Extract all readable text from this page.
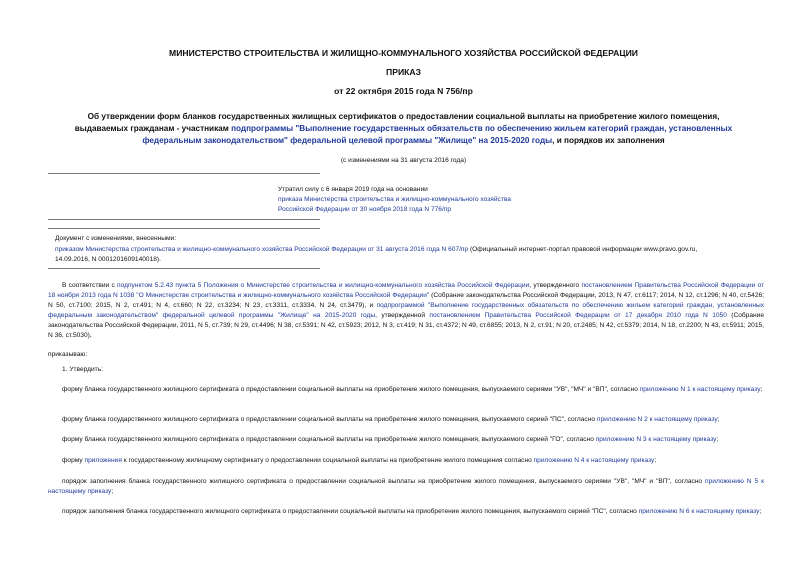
МИНИСТЕРСТВО СТРОИТЕЛЬСТВА И ЖИЛИЩНО-КОММУНАЛЬНОГО ХОЗЯЙСТВА РОССИЙСКОЙ ФЕДЕРАЦИИ
ПРИКАЗ
от 22 октября 2015 года N 756/пр
Об утверждении форм бланков государственных жилищных сертификатов о предоставлении социальной выплаты на приобретение жилого помещения,
выдаваемых гражданам - участникам подпрограммы "Выполнение государственных обязательств по обеспечению жильем категорий граждан, установленных
федеральным законодательством" федеральной целевой программы "Жилище" на 2015-2020 годы, и порядков их заполнения
(с изменениями на 31 августа 2016 года)
Утратил силу с 6 января 2019 года на основании
приказа Министерства строительства и жилищно-коммунального хозяйства
Российской Федерации от 30 ноября 2018 года N 776/пр
Документ с изменениями, внесенными:
приказом Министерства строительства и жилищно-коммунального хозяйства Российской Федерации от 31 августа 2016 года N 607/пр (Официальный интернет-портал правовой информации www.pravo.gov.ru,
14.09.2016, N 0001201609140018).

В соответствии с подпунктом 5.2.43 пункта 5 Положения о Министерстве строительства и жилищно-коммунального хозяйства Российской Федерации, утвержденного постановлением Правительства Российской Федерации от 18 ноября 2013 года N 1038 "О Министерстве строительства и жилищно-коммунального хозяйства Российской Федерации" (Собрание законодательства Российской Федерации, 2013, N 47, ст.6117; 2014, N 12, ст.1296; N 40, ст.5426; N 50, ст.7100; 2015, N 2, ст.491; N 4, ст.660; N 22, ст.3234; N 23, ст.3311, ст.3334, N 24, ст.3479), и подпрограммой "Выполнение государственных обязательств по обеспечению жильем категорий граждан, установленных федеральным законодательством" федеральной целевой программы "Жилище" на 2015-2020 годы, утвержденной постановлением Правительства Российской Федерации от 17 декабря 2010 года N 1050 (Собрание законодательства Российской Федерации, 2011, N 5, ст.739; N 29, ст.4496; N 38, ст.5391; N 42, ст.5923; 2012, N 3, ст.419; N 31, ст.4372; N 49, ст.6855; 2013, N 2, ст.91; N 20, ст.2485; N 42, ст.5379; 2014, N 18, ст.2200; N 43, ст.5911; 2015, N 36, ст.5030),

приказываю:
1. Утвердить:

форму бланка государственного жилищного сертификата о предоставлении социальной выплаты на приобретение жилого помещения, выпускаемого сериями "УВ", "МЧ" и "ВП", согласно приложению N 1 к настоящему приказу;

форму бланка государственного жилищного сертификата о предоставлении социальной выплаты на приобретение жилого помещения, выпускаемого серией "ПС", согласно приложению N 2 к настоящему приказу;

форму бланка государственного жилищного сертификата о предоставлении социальной выплаты на приобретение жилого помещения, выпускаемого серией "ГО", согласно приложению N 3 к настоящему приказу;

форму приложения к государственному жилищному сертификату о предоставлении социальной выплаты на приобретение жилого помещения согласно приложению N 4 к настоящему приказу;

порядок заполнения бланка государственного жилищного сертификата о предоставлении социальной выплаты на приобретение жилого помещения, выпускаемого сериями "УВ", "МЧ" и "ВП", согласно приложению N 5 к настоящему приказу;

порядок заполнения бланка государственного жилищного сертификата о предоставлении социальной выплаты на приобретение жилого помещения, выпускаемого серией "ПС", согласно приложению N 6 к настоящему приказу;
